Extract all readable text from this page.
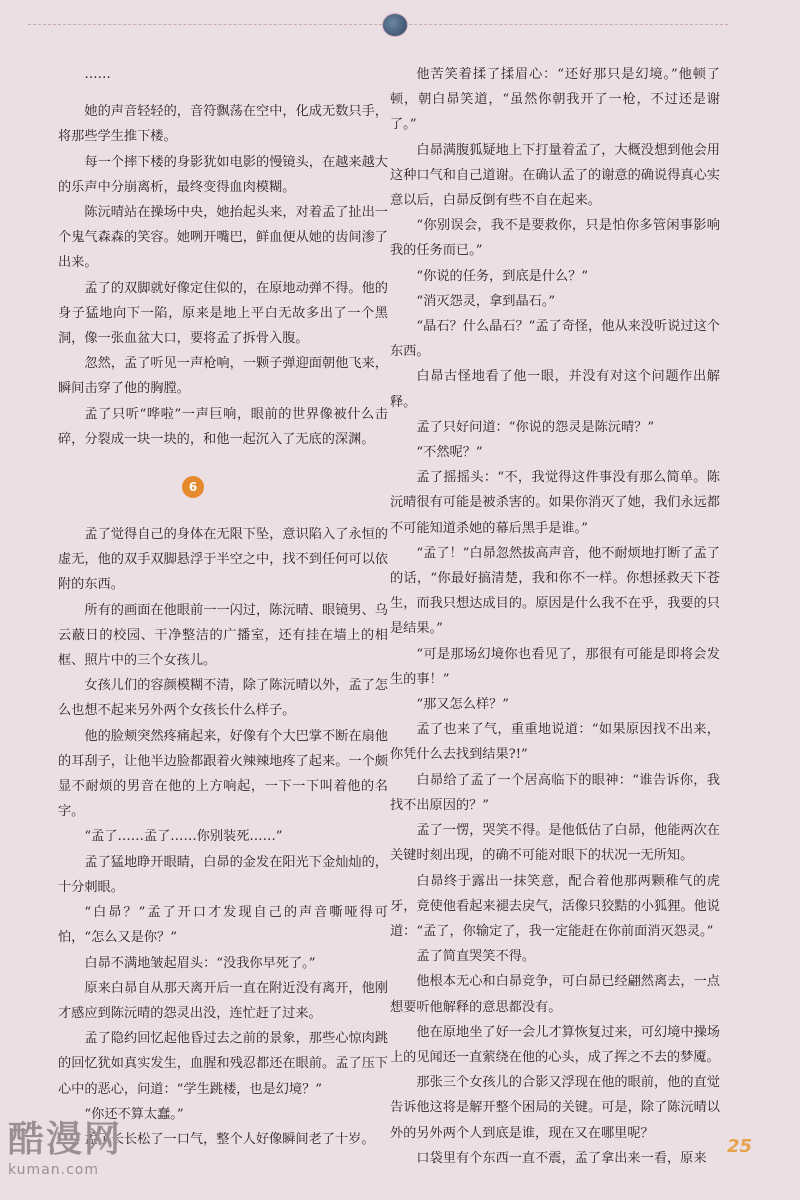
……

她的声音轻轻的，音符飘荡在空中，化成无数只手，将那些学生推下楼。

每一个摔下楼的身影犹如电影的慢镜头，在越来越大的乐声中分崩离析，最终变得血肉模糊。

陈沅晴站在操场中央，她抬起头来，对着孟了扯出一个鬼气森森的笑容。她咧开嘴巴，鲜血便从她的齿间渗了出来。

孟了的双脚就好像定住似的，在原地动弹不得。他的身子猛地向下一陷，原来是地上平白无故多出了一个黑洞，像一张血盆大口，要将孟了拆骨入腹。

忽然，孟了听见一声枪响，一颗子弹迎面朝他飞来，瞬间击穿了他的胸膛。

孟了只听“哗啦”一声巨响，眼前的世界像被什么击碎，分裂成一块一块的，和他一起沉入了无底的深渊。

6

孟了觉得自己的身体在无限下坠，意识陷入了永恒的虚无，他的双手双脚悬浮于半空之中，找不到任何可以依附的东西。

所有的画面在他眼前一一闪过，陈沅晴、眼镜男、乌云蔽日的校园、干净整洁的广播室，还有挂在墙上的相框、照片中的三个女孩儿。

女孩儿们的容颜模糊不清，除了陈沅晴以外，孟了怎么也想不起来另外两个女孩长什么样子。

他的脸颊突然疼痛起来，好像有个大巴掌不断在扇他的耳刮子，让他半边脸都跟着火辣辣地疼了起来。一个颇显不耐烦的男音在他的上方响起，一下一下叫着他的名字。

“孟了……孟了……你别装死……”

孟了猛地睁开眼睛，白昴的金发在阳光下金灿灿的，十分刺眼。

“白昴？”孟了开口才发现自己的声音嘶哑得可怕，“怎么又是你？”

白昴不满地皱起眉头：“没我你早死了。”

原来白昴自从那天离开后一直在附近没有离开，他刚才感应到陈沅晴的怨灵出没，连忙赶了过来。

孟了隐约回忆起他昏过去之前的景象，那些心惊肉跳的回忆犹如真实发生，血腥和残忍都还在眼前。孟了压下心中的恶心，问道：“学生跳楼，也是幻境？”

“你还不算太蠢。”

孟了长长松了一口气，整个人好像瞬间老了十岁。

他苦笑着揉了揉眉心：“还好那只是幻境。”他顿了顿，朝白昴笑道，“虽然你朝我开了一枪，不过还是谢了。”

白昴满腹狐疑地上下打量着孟了，大概没想到他会用这种口气和自己道谢。在确认孟了的谢意的确说得真心实意以后，白昴反倒有些不自在起来。

“你别误会，我不是要救你，只是怕你多管闲事影响我的任务而已。”

“你说的任务，到底是什么？”

“消灭怨灵，拿到晶石。”

“晶石？什么晶石？”孟了奇怪，他从来没听说过这个东西。

白昴古怪地看了他一眼，并没有对这个问题作出解释。

孟了只好问道：“你说的怨灵是陈沅晴？”

“不然呢？”

孟了摇摇头：“不，我觉得这件事没有那么简单。陈沅晴很有可能是被杀害的。如果你消灭了她，我们永远都不可能知道杀她的幕后黑手是谁。”

“孟了！”白昴忽然拔高声音，他不耐烦地打断了孟了的话，“你最好搞清楚，我和你不一样。你想拯救天下苍生，而我只想达成目的。原因是什么我不在乎，我要的只是结果。”

“可是那场幻境你也看见了，那很有可能是即将会发生的事！”

“那又怎么样？”

孟了也来了气，重重地说道：“如果原因找不出来，你凭什么去找到结果?!”

白昴给了孟了一个居高临下的眼神：“谁告诉你，我找不出原因的？”

孟了一愣，哭笑不得。是他低估了白昴，他能两次在关键时刻出现，的确不可能对眼下的状况一无所知。

白昴终于露出一抹笑意，配合着他那两颗稚气的虎牙，竟使他看起来褪去戾气，活像只狡黠的小狐狸。他说道：“孟了，你输定了，我一定能赶在你前面消灭怨灵。”

孟了简直哭笑不得。

他根本无心和白昴竞争，可白昴已经翩然离去，一点想要听他解释的意思都没有。

他在原地坐了好一会儿才算恢复过来，可幻境中操场上的见闻还一直萦绕在他的心头，成了挥之不去的梦魇。

那张三个女孩儿的合影又浮现在他的眼前，他的直觉告诉他这将是解开整个困局的关键。可是，除了陈沅晴以外的另外两个人到底是谁，现在又在哪里呢？

口袋里有个东西一直不震，孟了拿出来一看，原来

酷漫网
kuman.com
25
